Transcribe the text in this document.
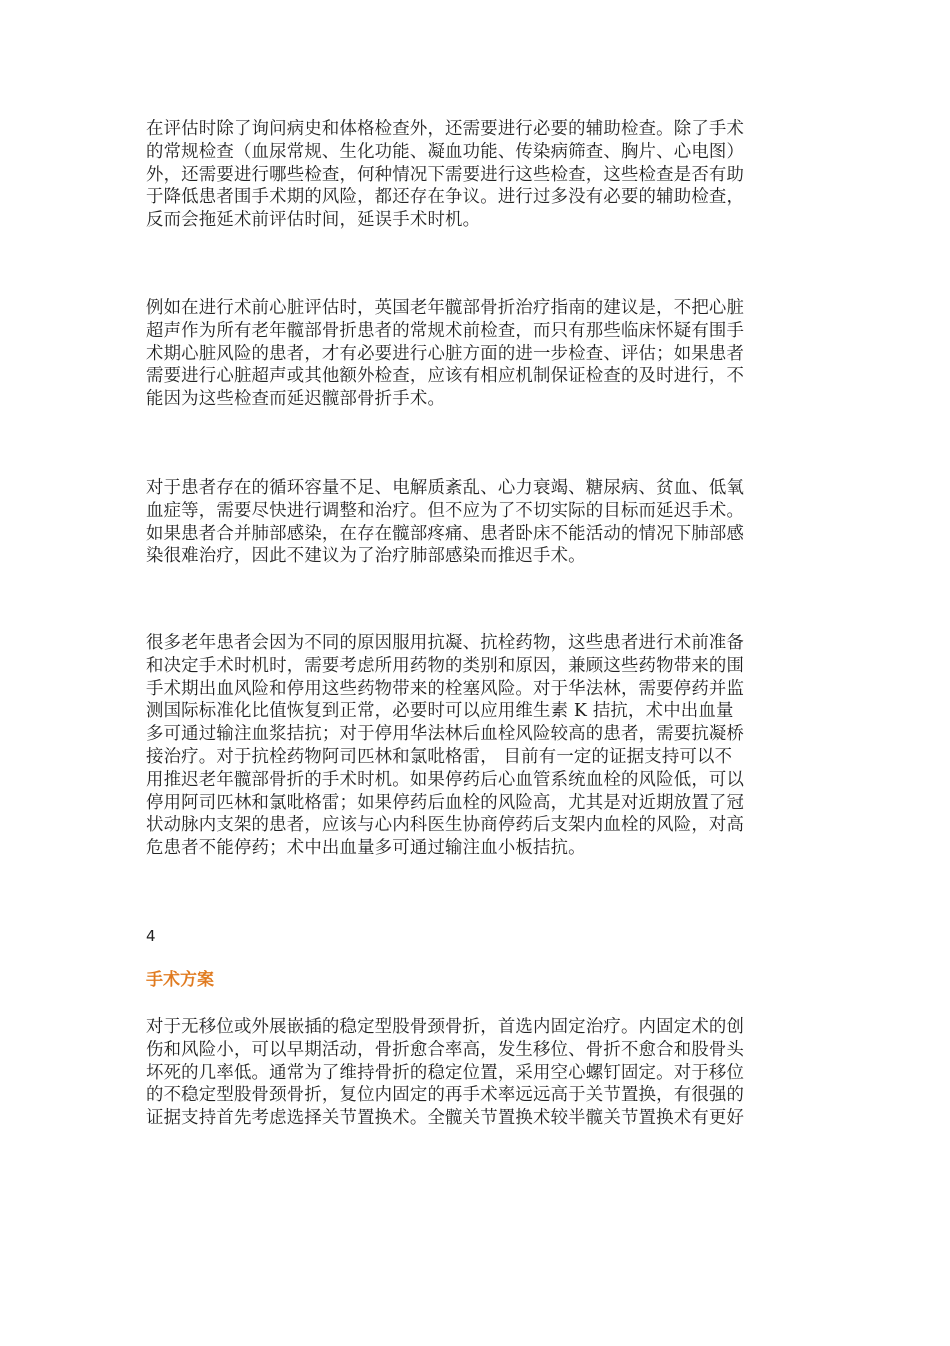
在评估时除了询问病史和体格检查外，还需要进行必要的辅助检查。除了手术
的常规检查（血尿常规、生化功能、凝血功能、传染病筛查、胸片、心电图）
外，还需要进行哪些检查，何种情况下需要进行这些检查，这些检查是否有助
于降低患者围手术期的风险，都还存在争议。进行过多没有必要的辅助检查，
反而会拖延术前评估时间，延误手术时机。
例如在进行术前心脏评估时，英国老年髋部骨折治疗指南的建议是，不把心脏
超声作为所有老年髋部骨折患者的常规术前检查，而只有那些临床怀疑有围手
术期心脏风险的患者，才有必要进行心脏方面的进一步检查、评估；如果患者
需要进行心脏超声或其他额外检查，应该有相应机制保证检查的及时进行，不
能因为这些检查而延迟髋部骨折手术。
对于患者存在的循环容量不足、电解质紊乱、心力衰竭、糖尿病、贫血、低氧
血症等，需要尽快进行调整和治疗。但不应为了不切实际的目标而延迟手术。
如果患者合并肺部感染，在存在髋部疼痛、患者卧床不能活动的情况下肺部感
染很难治疗，因此不建议为了治疗肺部感染而推迟手术。
很多老年患者会因为不同的原因服用抗凝、抗栓药物，这些患者进行术前准备
和决定手术时机时，需要考虑所用药物的类别和原因，兼顾这些药物带来的围
手术期出血风险和停用这些药物带来的栓塞风险。对于华法林，需要停药并监
测国际标准化比值恢复到正常，必要时可以应用维生素 K 拮抗，术中出血量
多可通过输注血浆拮抗；对于停用华法林后血栓风险较高的患者，需要抗凝桥
接治疗。对于抗栓药物阿司匹林和氯吡格雷， 目前有一定的证据支持可以不
用推迟老年髋部骨折的手术时机。如果停药后心血管系统血栓的风险低，可以
停用阿司匹林和氯吡格雷；如果停药后血栓的风险高，尤其是对近期放置了冠
状动脉内支架的患者，应该与心内科医生协商停药后支架内血栓的风险，对高
危患者不能停药；术中出血量多可通过输注血小板拮抗。
4
手术方案
对于无移位或外展嵌插的稳定型股骨颈骨折，首选内固定治疗。内固定术的创
伤和风险小，可以早期活动，骨折愈合率高，发生移位、骨折不愈合和股骨头
坏死的几率低。通常为了维持骨折的稳定位置，采用空心螺钉固定。对于移位
的不稳定型股骨颈骨折，复位内固定的再手术率远远高于关节置换，有很强的
证据支持首先考虑选择关节置换术。全髋关节置换术较半髋关节置换术有更好
